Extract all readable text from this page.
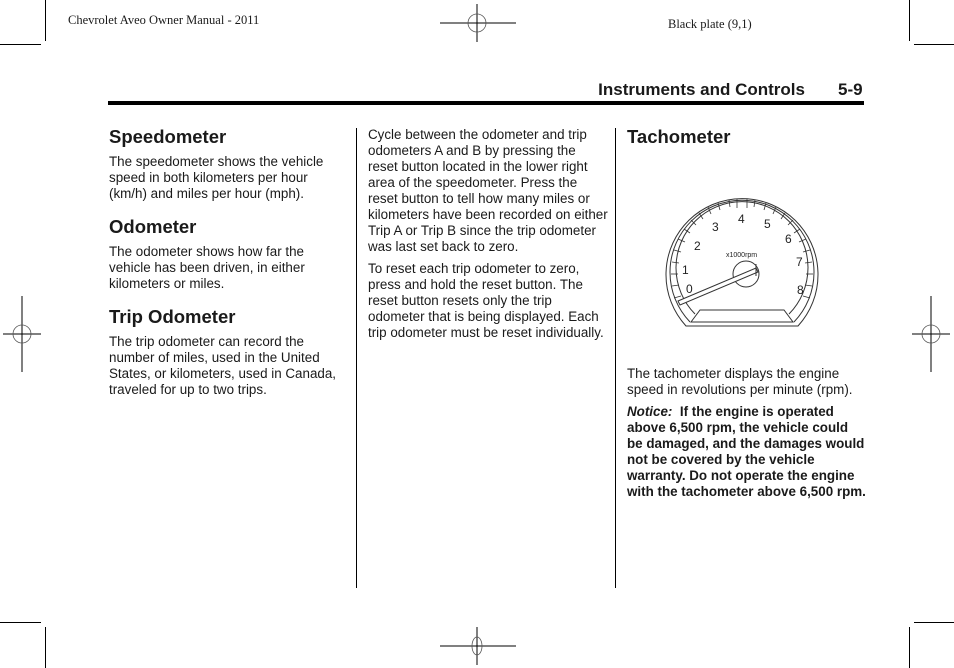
Chevrolet Aveo Owner Manual - 2011	Black plate (9,1)
Instruments and Controls 5-9
Speedometer

The speedometer shows the vehicle speed in both kilometers per hour (km/h) and miles per hour (mph).

Odometer

The odometer shows how far the vehicle has been driven, in either kilometers or miles.

Trip Odometer

The trip odometer can record the number of miles, used in the United States, or kilometers, used in Canada, traveled for up to two trips.

Cycle between the odometer and trip odometers A and B by pressing the reset button located in the lower right area of the speedometer. Press the reset button to tell how many miles or kilometers have been recorded on either Trip A or Trip B since the trip odometer was last set back to zero.

To reset each trip odometer to zero, press and hold the reset button. The reset button resets only the trip odometer that is being displayed. Each trip odometer must be reset individually.

Tachometer
0
1
2
3
4 5
6
7
8
x1000rpm

The tachometer displays the engine speed in revolutions per minute (rpm).

Notice: If the engine is operated above 6,500 rpm, the vehicle could be damaged, and the damages would not be covered by the vehicle warranty. Do not operate the engine with the tachometer above 6,500 rpm.
